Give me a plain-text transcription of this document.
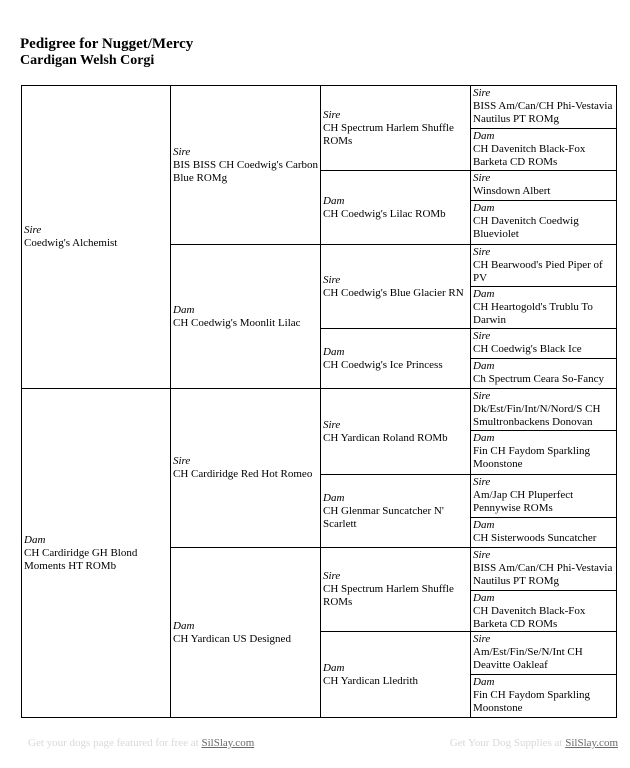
Pedigree for Nugget/Mercy
Cardigan Welsh Corgi
Sire
Coedwig's Alchemist
Dam
CH Cardiridge GH Blond Moments HT ROMb
Sire
BIS BISS CH Coedwig's Carbon Blue ROMg
Dam
CH Coedwig's Moonlit Lilac
Sire
CH Cardiridge Red Hot Romeo
Dam
CH Yardican US Designed
Sire
CH Spectrum Harlem Shuffle ROMs
Dam
CH Coedwig's Lilac ROMb
Sire
CH Coedwig's Blue Glacier RN
Dam
CH Coedwig's Ice Princess
Sire
CH Yardican Roland ROMb
Dam
CH Glenmar Suncatcher N' Scarlett
Sire
CH Spectrum Harlem Shuffle ROMs
Dam
CH Yardican Lledrith
Sire
BISS Am/Can/CH Phi-Vestavia Nautilus PT ROMg
Dam
CH Davenitch Black-Fox Barketa CD ROMs
Sire
Winsdown Albert
Dam
CH Davenitch Coedwig Blueviolet
Sire
CH Bearwood's Pied Piper of PV
Dam
CH Heartogold's Trublu To Darwin
Sire
CH Coedwig's Black Ice
Dam
Ch Spectrum Ceara So-Fancy
Sire
Dk/Est/Fin/Int/N/Nord/S CH Smultronbackens Donovan
Dam
Fin CH Faydom Sparkling Moonstone
Sire
Am/Jap CH Pluperfect Pennywise ROMs
Dam
CH Sisterwoods Suncatcher
Sire
BISS Am/Can/CH Phi-Vestavia Nautilus PT ROMg
Dam
CH Davenitch Black-Fox Barketa CD ROMs
Sire
Am/Est/Fin/Se/N/Int CH Deavitte Oakleaf
Dam
Fin CH Faydom Sparkling Moonstone
Get your dogs page featured for free at SilSlay.com	Get Your Dog Supplies at SilSlay.com
